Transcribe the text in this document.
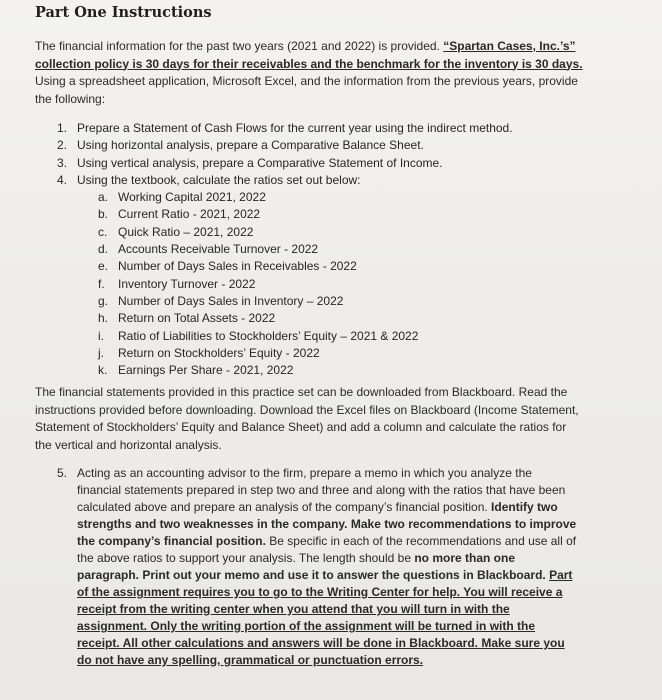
Part One Instructions
The financial information for the past two years (2021 and 2022) is provided. “Spartan Cases, Inc.’s” collection policy is 30 days for their receivables and the benchmark for the inventory is 30 days. Using a spreadsheet application, Microsoft Excel, and the information from the previous years, provide the following:
1. Prepare a Statement of Cash Flows for the current year using the indirect method.
2. Using horizontal analysis, prepare a Comparative Balance Sheet.
3. Using vertical analysis, prepare a Comparative Statement of Income.
4. Using the textbook, calculate the ratios set out below:
a. Working Capital 2021, 2022
b. Current Ratio - 2021, 2022
c. Quick Ratio – 2021, 2022
d. Accounts Receivable Turnover - 2022
e. Number of Days Sales in Receivables - 2022
f. Inventory Turnover - 2022
g. Number of Days Sales in Inventory – 2022
h. Return on Total Assets - 2022
i. Ratio of Liabilities to Stockholders’ Equity – 2021 & 2022
j. Return on Stockholders’ Equity - 2022
k. Earnings Per Share - 2021, 2022
The financial statements provided in this practice set can be downloaded from Blackboard. Read the instructions provided before downloading. Download the Excel files on Blackboard (Income Statement, Statement of Stockholders’ Equity and Balance Sheet) and add a column and calculate the ratios for the vertical and horizontal analysis.
5. Acting as an accounting advisor to the firm, prepare a memo in which you analyze the financial statements prepared in step two and three and along with the ratios that have been calculated above and prepare an analysis of the company’s financial position. Identify two strengths and two weaknesses in the company. Make two recommendations to improve the company’s financial position. Be specific in each of the recommendations and use all of the above ratios to support your analysis. The length should be no more than one paragraph. Print out your memo and use it to answer the questions in Blackboard. Part of the assignment requires you to go to the Writing Center for help. You will receive a receipt from the writing center when you attend that you will turn in with the assignment. Only the writing portion of the assignment will be turned in with the receipt. All other calculations and answers will be done in Blackboard. Make sure you do not have any spelling, grammatical or punctuation errors.
